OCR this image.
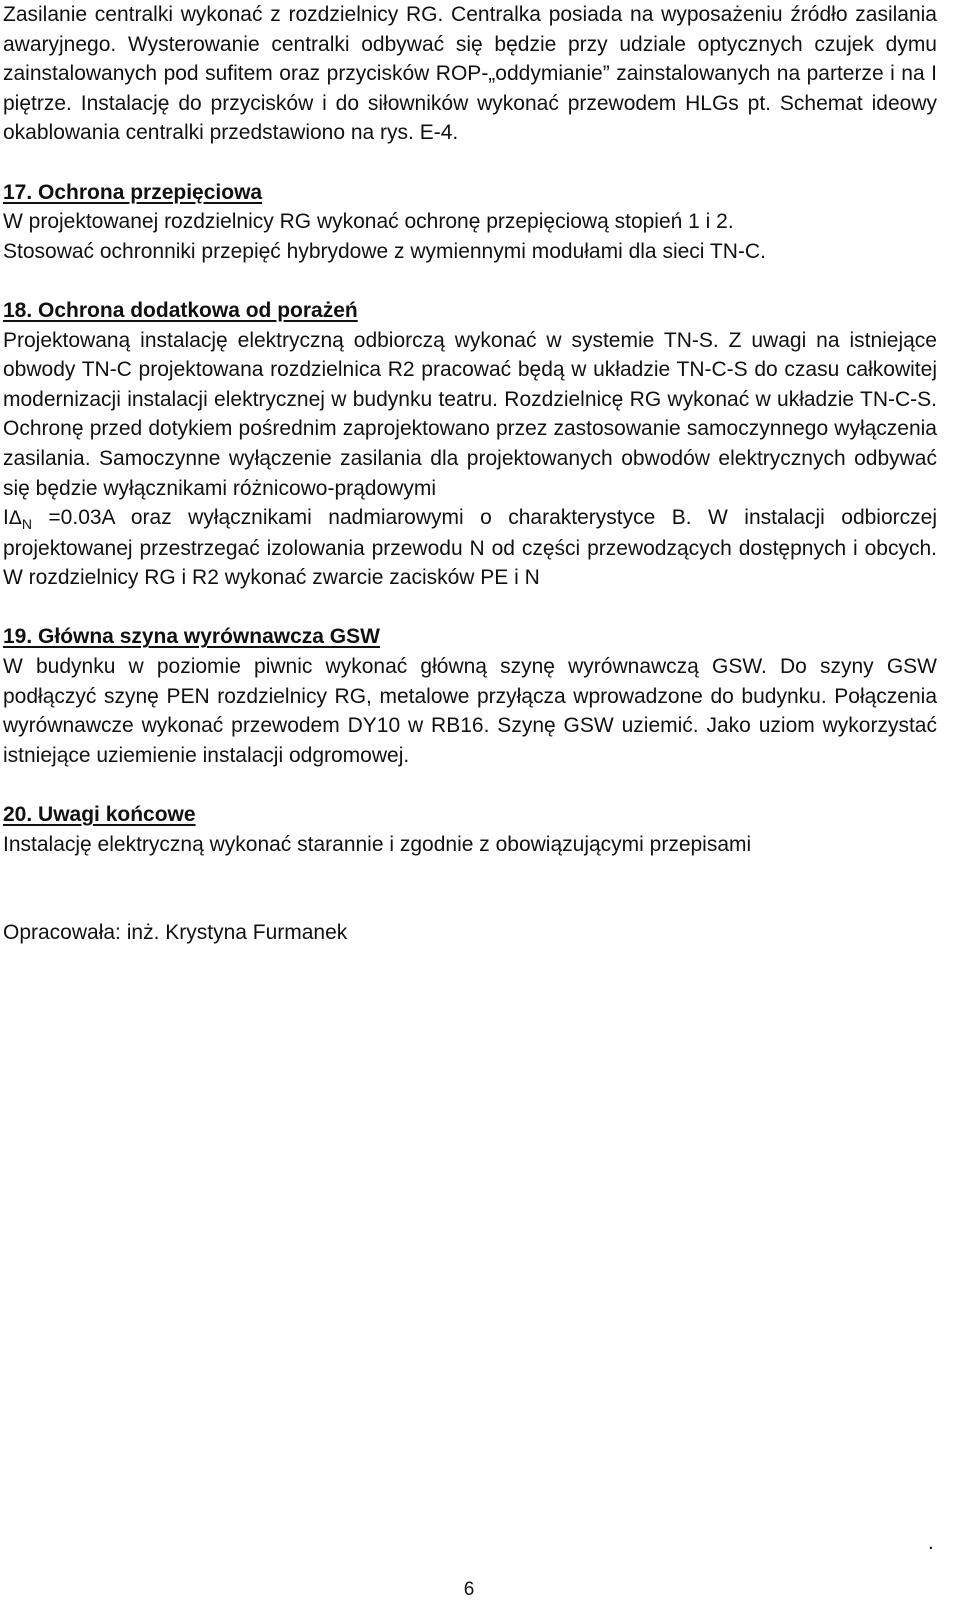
Zasilanie centralki wykonać z rozdzielnicy RG. Centralka posiada na wyposażeniu źródło zasilania awaryjnego. Wysterowanie centralki odbywać się będzie przy udziale optycznych czujek dymu zainstalowanych pod sufitem oraz przycisków ROP-„oddymianie” zainstalowanych na parterze i na I piętrze. Instalację do przycisków i do siłowników wykonać przewodem HLGs pt. Schemat ideowy okablowania centralki przedstawiono na rys. E-4.

17. Ochrona przepięciowa

W projektowanej rozdzielnicy RG wykonać ochronę przepięciową stopień 1 i 2.

Stosować ochronniki przepięć hybrydowe z wymiennymi modułami dla sieci TN-C.

18. Ochrona dodatkowa od porażeń

Projektowaną instalację elektryczną odbiorczą wykonać w systemie TN-S. Z uwagi na istniejące obwody TN-C projektowana rozdzielnica R2 pracować będą w układzie TN-C-S do czasu całkowitej modernizacji instalacji elektrycznej w budynku teatru. Rozdzielnicę RG wykonać w układzie TN-C-S. Ochronę przed dotykiem pośrednim zaprojektowano przez zastosowanie samoczynnego wyłączenia zasilania. Samoczynne wyłączenie zasilania dla projektowanych obwodów elektrycznych odbywać się będzie wyłącznikami różnicowo-prądowymi
$I\Delta_N =0.03A$ oraz wyłącznikami nadmiarowymi o charakterystyce B. W instalacji odbiorczej projektowanej przestrzegać izolowania przewodu N od części przewodzących dostępnych i obcych. W rozdzielnicy RG i R2 wykonać zwarcie zacisków PE i N

19. Główna szyna wyrównawcza GSW

W budynku w poziomie piwnic wykonać główną szynę wyrównawczą GSW. Do szyny GSW podłączyć szynę PEN rozdzielnicy RG, metalowe przyłącza wprowadzone do budynku. Połączenia wyrównawcze wykonać przewodem DY10 w RB16. Szynę GSW uziemić. Jako uziom wykorzystać istniejące uziemienie instalacji odgromowej.

20. Uwagi końcowe

Instalację elektryczną wykonać starannie i zgodnie z obowiązującymi przepisami

Opracowała: inż. Krystyna Furmanek

.
6
